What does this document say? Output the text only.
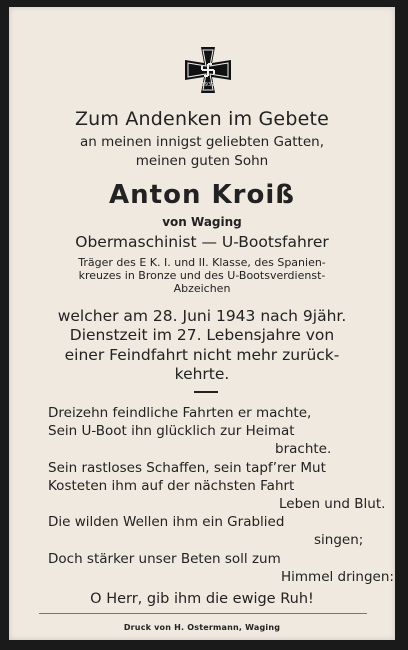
1939
Zum Andenken im Gebete
an meinen innigst geliebten Gatten,
meinen guten Sohn
Anton Kroiß
von Waging
Obermaschinist — U-Bootsfahrer
Träger des E K. I. und II. Klasse, des Spanien-
kreuzes in Bronze und des U-Bootsverdienst-
Abzeichen
welcher am 28. Juni 1943 nach 9jähr.
Dienstzeit im 27. Lebensjahre von
einer Feindfahrt nicht mehr zurück-
kehrte.
Dreizehn feindliche Fahrten er machte,
Sein U-Boot ihn glücklich zur Heimat
brachte.
Sein rastloses Schaffen, sein tapf’rer Mut
Kosteten ihm auf der nächsten Fahrt
Leben und Blut.
Die wilden Wellen ihm ein Grablied
singen;
Doch stärker unser Beten soll zum
Himmel dringen:
O Herr, gib ihm die ewige Ruh!
Druck von H. Ostermann, Waging
